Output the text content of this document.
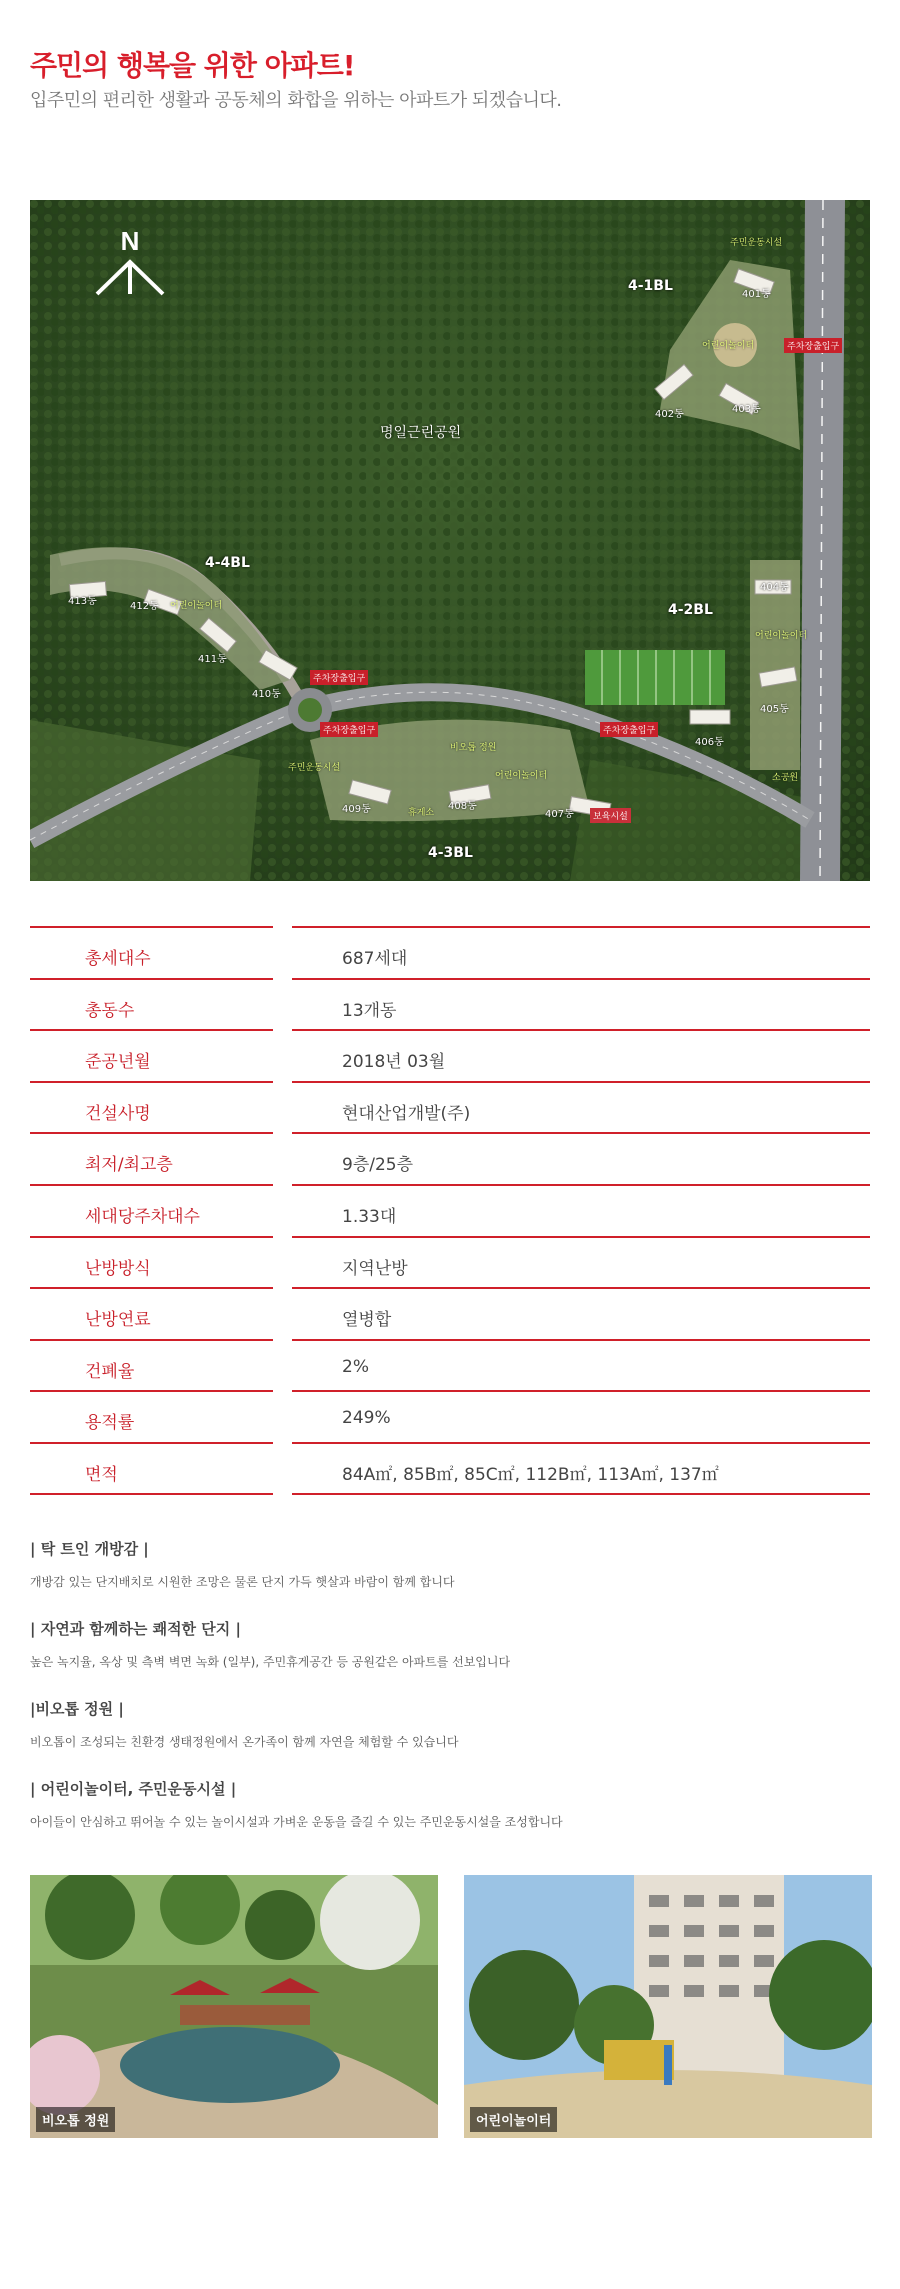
주민의 행복을 위한 아파트!
입주민의 편리한 생활과 공동체의 화합을 위하는 아파트가 되겠습니다.
N
4-1BL
4-2BL
4-3BL
4-4BL
명일근린공원
401동
402동	403동
404동
405동
406동
407동
408동
409동
410동
411동
412동
413동
주민운동시설
어린이놀이터	주차장출입구
어린이놀이터
어린이놀이터
주차장출입구
주차장출입구	주차장출입구
주민운동시설
비오톱 정원
휴게소
어린이놀이터
보육시설
소공원
총세대수	687세대
총동수	13개동
준공년월	2018년 03월
건설사명	현대산업개발(주)
최저/최고층	9층/25층
세대당주차대수	1.33대
난방방식	지역난방
난방연료	열병합
건폐율	2%
용적률	249%
면적	84A㎡, 85B㎡, 85C㎡, 112B㎡, 113A㎡, 137㎡
| 탁 트인 개방감 |
개방감 있는 단지배치로 시원한 조망은 물론 단지 가득 햇살과 바람이 함께 합니다
| 자연과 함께하는 쾌적한 단지 |
높은 녹지율, 옥상 및 측벽 벽면 녹화 (일부), 주민휴게공간 등 공원같은 아파트를 선보입니다
|비오톱 정원 |
비오톱이 조성되는 친환경 생태정원에서 온가족이 함께 자연을 체험할 수 있습니다
| 어린이놀이터, 주민운동시설 |
아이들이 안심하고 뛰어놀 수 있는 놀이시설과 가벼운 운동을 즐길 수 있는 주민운동시설을 조성합니다
비오톱 정원	어린이놀이터
